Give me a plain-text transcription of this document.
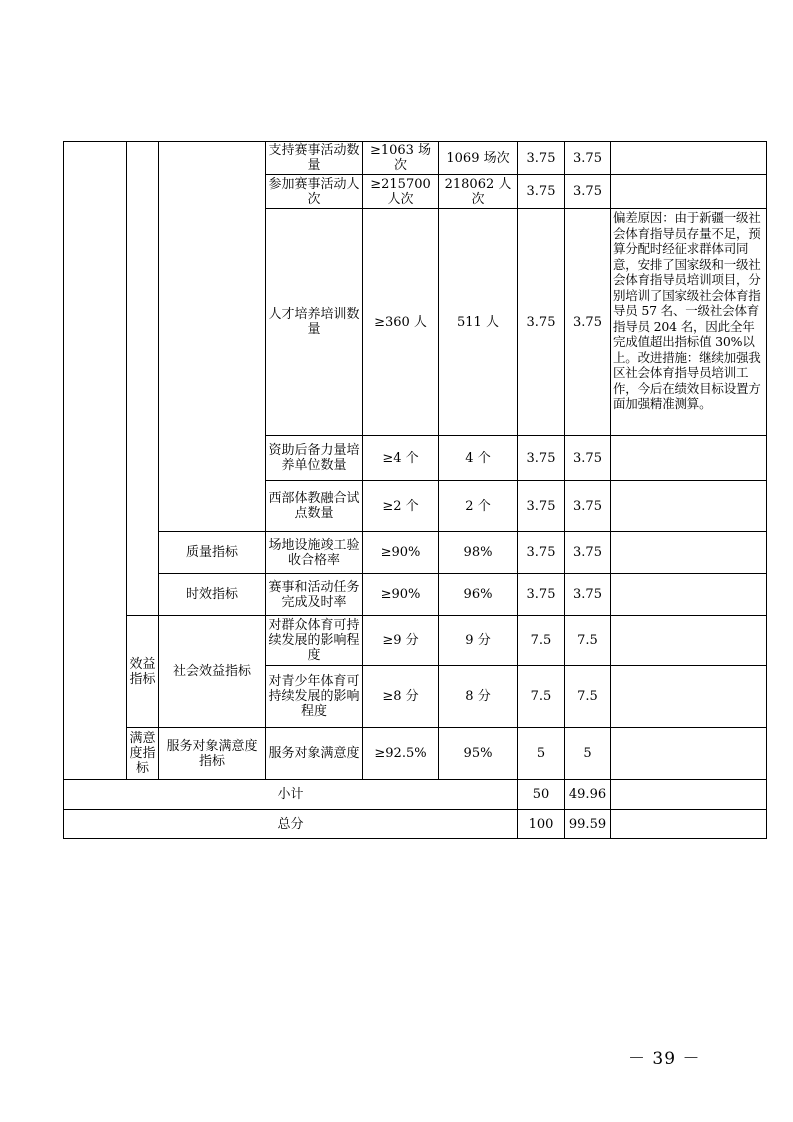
			支持赛事活动数量	≥1063 场次	1069 场次	3.75	3.75	
			参加赛事活动人次	≥215700 人次	218062 人次	3.75	3.75	
			人才培养培训数量	≥360 人	511 人	3.75	3.75	偏差原因：由于新疆一级社会体育指导员存量不足，预算分配时经征求群体司同意，安排了国家级和一级社会体育指导员培训项目，分别培训了国家级社会体育指导员 57 名、一级社会体育指导员 204 名，因此全年完成值超出指标值 30%以上。改进措施：继续加强我区社会体育指导员培训工作，今后在绩效目标设置方面加强精准测算。
			资助后备力量培养单位数量	≥4 个	4 个	3.75	3.75	
			西部体教融合试点数量	≥2 个	2 个	3.75	3.75	
		质量指标	场地设施竣工验收合格率	≥90%	98%	3.75	3.75	
		时效指标	赛事和活动任务完成及时率	≥90%	96%	3.75	3.75	
	效益指标	社会效益指标	对群众体育可持续发展的影响程度	≥9 分	9 分	7.5	7.5	
			对青少年体育可持续发展的影响程度	≥8 分	8 分	7.5	7.5	
	满意度指标	服务对象满意度指标	服务对象满意度	≥92.5%	95%	5	5	
小计						50	49.96	
总分						100	99.59	
－ 39 －
